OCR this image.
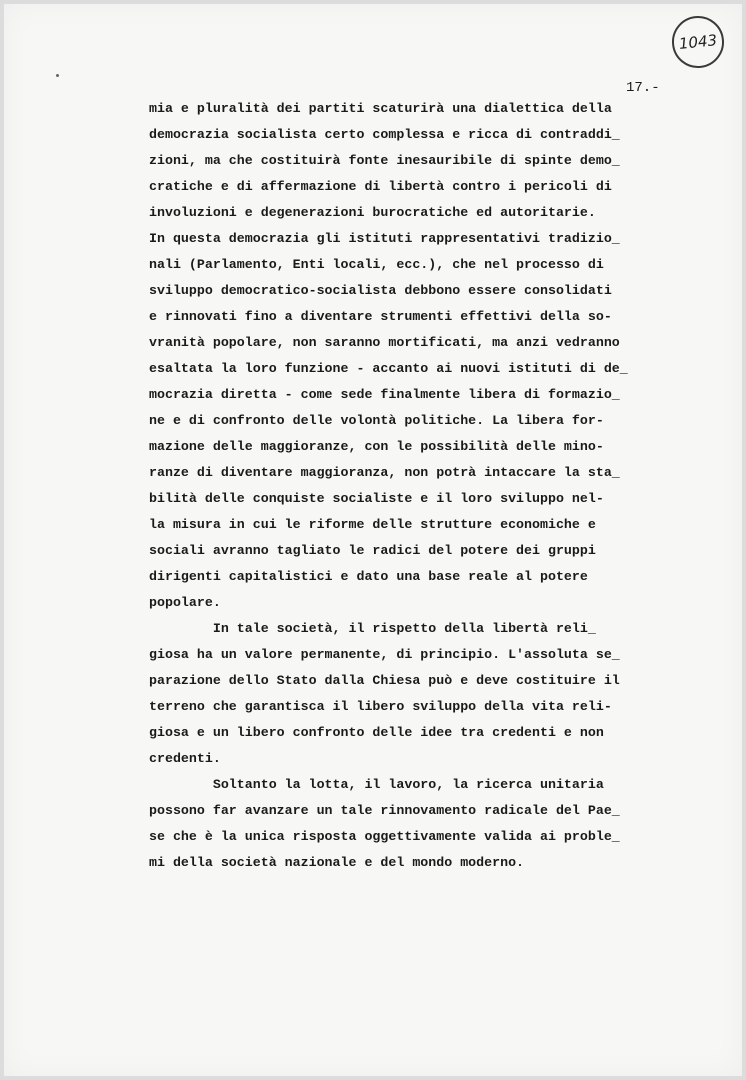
1043
17.-
mia e pluralità dei partiti scaturirà una dialettica della
democrazia socialista certo complessa e ricca di contraddi_
zioni, ma che costituirà fonte inesauribile di spinte demo_
cratiche e di affermazione di libertà contro i pericoli di
involuzioni e degenerazioni burocratiche ed autoritarie.
In questa democrazia gli istituti rappresentativi tradizio_
nali (Parlamento, Enti locali, ecc.), che nel processo di
sviluppo democratico-socialista debbono essere consolidati
e rinnovati fino a diventare strumenti effettivi della so-
vranità popolare, non saranno mortificati, ma anzi vedranno
esaltata la loro funzione - accanto ai nuovi istituti di de_
mocrazia diretta - come sede finalmente libera di formazio_
ne e di confronto delle volontà politiche. La libera for-
mazione delle maggioranze, con le possibilità delle mino-
ranze di diventare maggioranza, non potrà intaccare la sta_
bilità delle conquiste socialiste e il loro sviluppo nel-
la misura in cui le riforme delle strutture economiche e
sociali avranno tagliato le radici del potere dei gruppi
dirigenti capitalistici e dato una base reale al potere
popolare.
In tale società, il rispetto della libertà reli_
giosa ha un valore permanente, di principio. L'assoluta se_
parazione dello Stato dalla Chiesa può e deve costituire il
terreno che garantisca il libero sviluppo della vita reli-
giosa e un libero confronto delle idee tra credenti e non
credenti.
Soltanto la lotta, il lavoro, la ricerca unitaria
possono far avanzare un tale rinnovamento radicale del Pae_
se che è la unica risposta oggettivamente valida ai proble_
mi della società nazionale e del mondo moderno.
